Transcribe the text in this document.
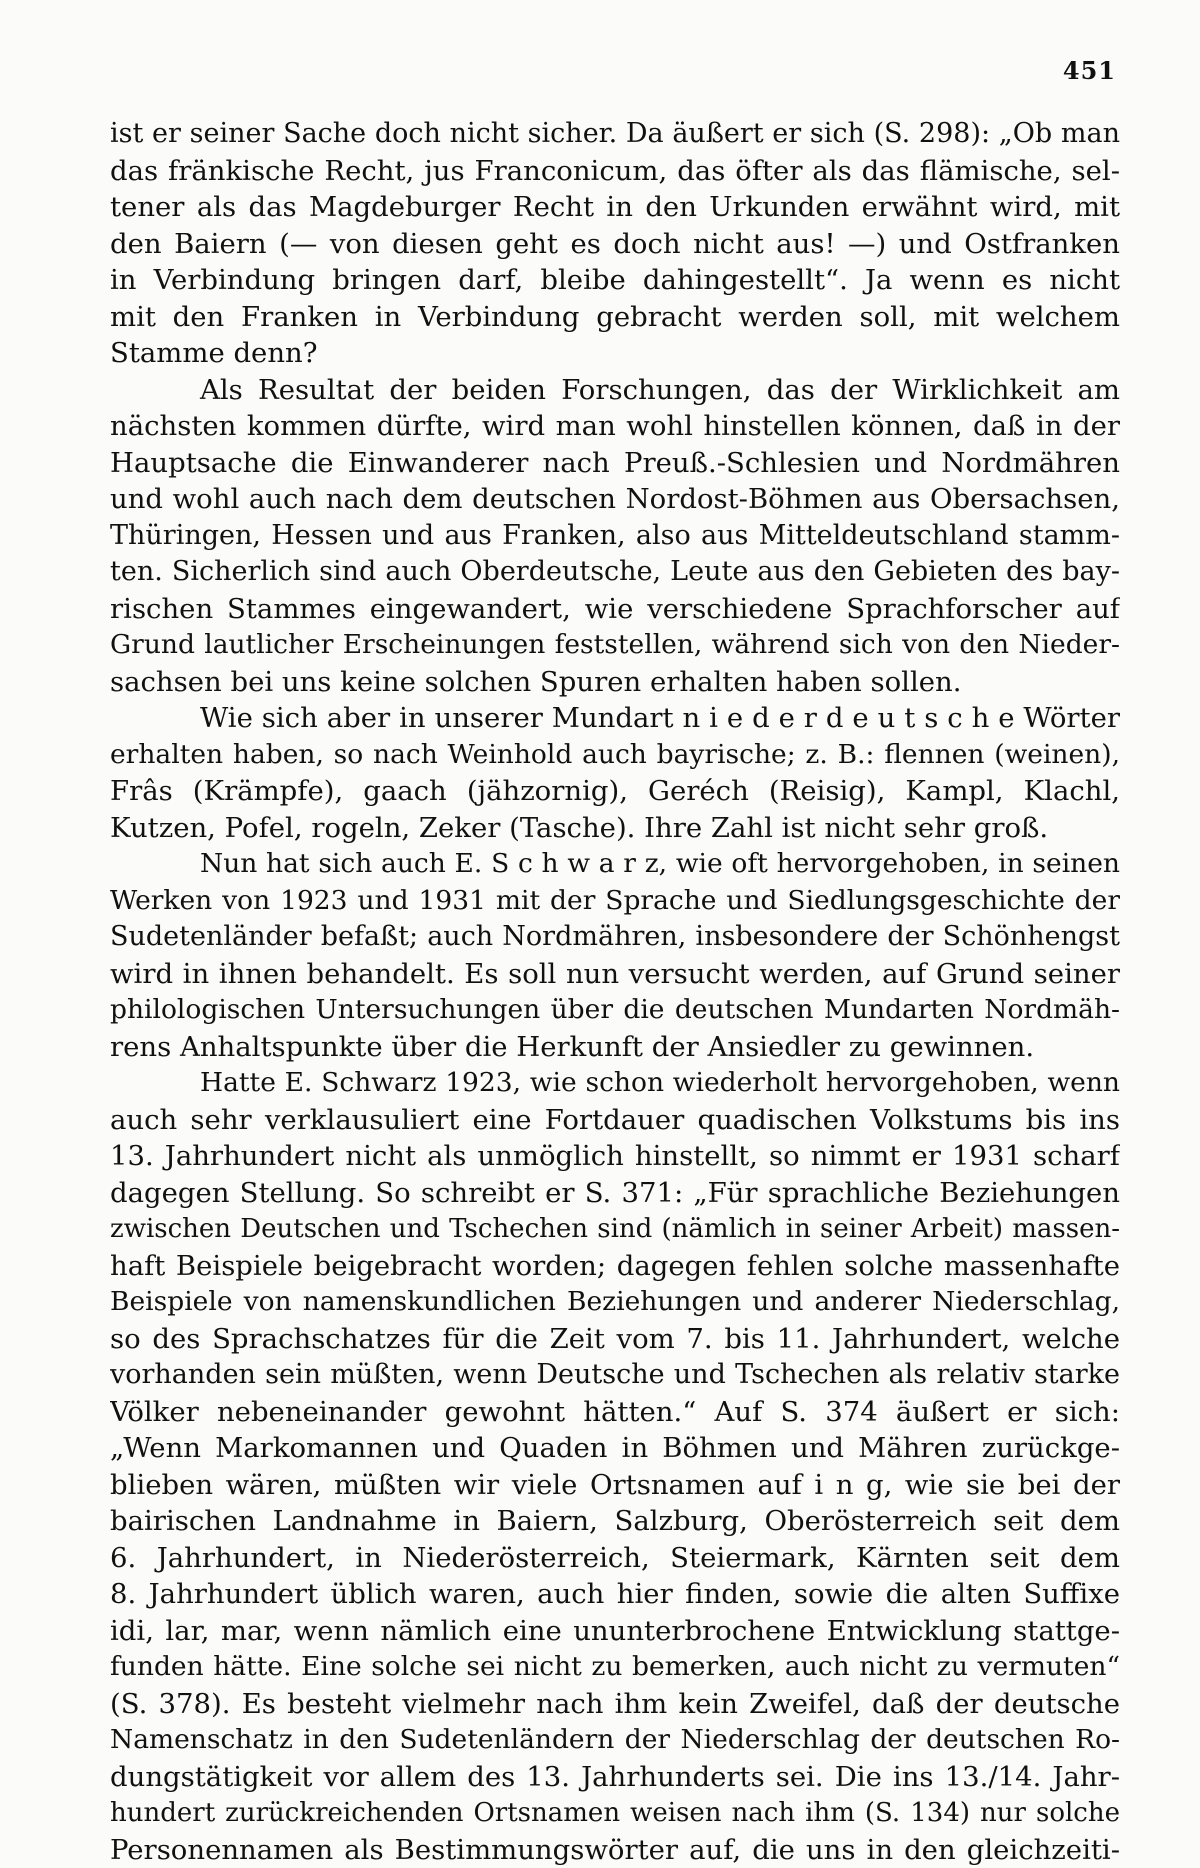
451
ist er seiner Sache doch nicht sicher. Da äußert er sich (S. 298): „Ob man
das fränkische Recht, jus Franconicum, das öfter als das flämische, sel-
tener als das Magdeburger Recht in den Urkunden erwähnt wird, mit
den Baiern (— von diesen geht es doch nicht aus! —) und Ostfranken
in Verbindung bringen darf, bleibe dahingestellt“. Ja wenn es nicht
mit den Franken in Verbindung gebracht werden soll, mit welchem
Stamme denn?
Als Resultat der beiden Forschungen, das der Wirklichkeit am
nächsten kommen dürfte, wird man wohl hinstellen können, daß in der
Hauptsache die Einwanderer nach Preuß.-Schlesien und Nordmähren
und wohl auch nach dem deutschen Nordost-Böhmen aus Obersachsen,
Thüringen, Hessen und aus Franken, also aus Mitteldeutschland stamm-
ten. Sicherlich sind auch Oberdeutsche, Leute aus den Gebieten des bay-
rischen Stammes eingewandert, wie verschiedene Sprachforscher auf
Grund lautlicher Erscheinungen feststellen, während sich von den Nieder-
sachsen bei uns keine solchen Spuren erhalten haben sollen.
Wie sich aber in unserer Mundart n i e d e r d e u t s c h e Wörter
erhalten haben, so nach Weinhold auch bayrische; z. B.: flennen (weinen),
Frâs (Krämpfe), gaach (jähzornig), Geréch (Reisig), Kampl, Klachl,
Kutzen, Pofel, rogeln, Zeker (Tasche). Ihre Zahl ist nicht sehr groß.
Nun hat sich auch E. S c h w a r z, wie oft hervorgehoben, in seinen
Werken von 1923 und 1931 mit der Sprache und Siedlungsgeschichte der
Sudetenländer befaßt; auch Nordmähren, insbesondere der Schönhengst
wird in ihnen behandelt. Es soll nun versucht werden, auf Grund seiner
philologischen Untersuchungen über die deutschen Mundarten Nordmäh-
rens Anhaltspunkte über die Herkunft der Ansiedler zu gewinnen.
Hatte E. Schwarz 1923, wie schon wiederholt hervorgehoben, wenn
auch sehr verklausuliert eine Fortdauer quadischen Volkstums bis ins
13. Jahrhundert nicht als unmöglich hinstellt, so nimmt er 1931 scharf
dagegen Stellung. So schreibt er S. 371: „Für sprachliche Beziehungen
zwischen Deutschen und Tschechen sind (nämlich in seiner Arbeit) massen-
haft Beispiele beigebracht worden; dagegen fehlen solche massenhafte
Beispiele von namenskundlichen Beziehungen und anderer Niederschlag,
so des Sprachschatzes für die Zeit vom 7. bis 11. Jahrhundert, welche
vorhanden sein müßten, wenn Deutsche und Tschechen als relativ starke
Völker nebeneinander gewohnt hätten.“ Auf S. 374 äußert er sich:
„Wenn Markomannen und Quaden in Böhmen und Mähren zurückge-
blieben wären, müßten wir viele Ortsnamen auf i n g, wie sie bei der
bairischen Landnahme in Baiern, Salzburg, Oberösterreich seit dem
6. Jahrhundert, in Niederösterreich, Steiermark, Kärnten seit dem
8. Jahrhundert üblich waren, auch hier finden, sowie die alten Suffixe
idi, lar, mar, wenn nämlich eine ununterbrochene Entwicklung stattge-
funden hätte. Eine solche sei nicht zu bemerken, auch nicht zu vermuten“
(S. 378). Es besteht vielmehr nach ihm kein Zweifel, daß der deutsche
Namenschatz in den Sudetenländern der Niederschlag der deutschen Ro-
dungstätigkeit vor allem des 13. Jahrhunderts sei. Die ins 13./14. Jahr-
hundert zurückreichenden Ortsnamen weisen nach ihm (S. 134) nur solche
Personennamen als Bestimmungswörter auf, die uns in den gleichzeiti-
